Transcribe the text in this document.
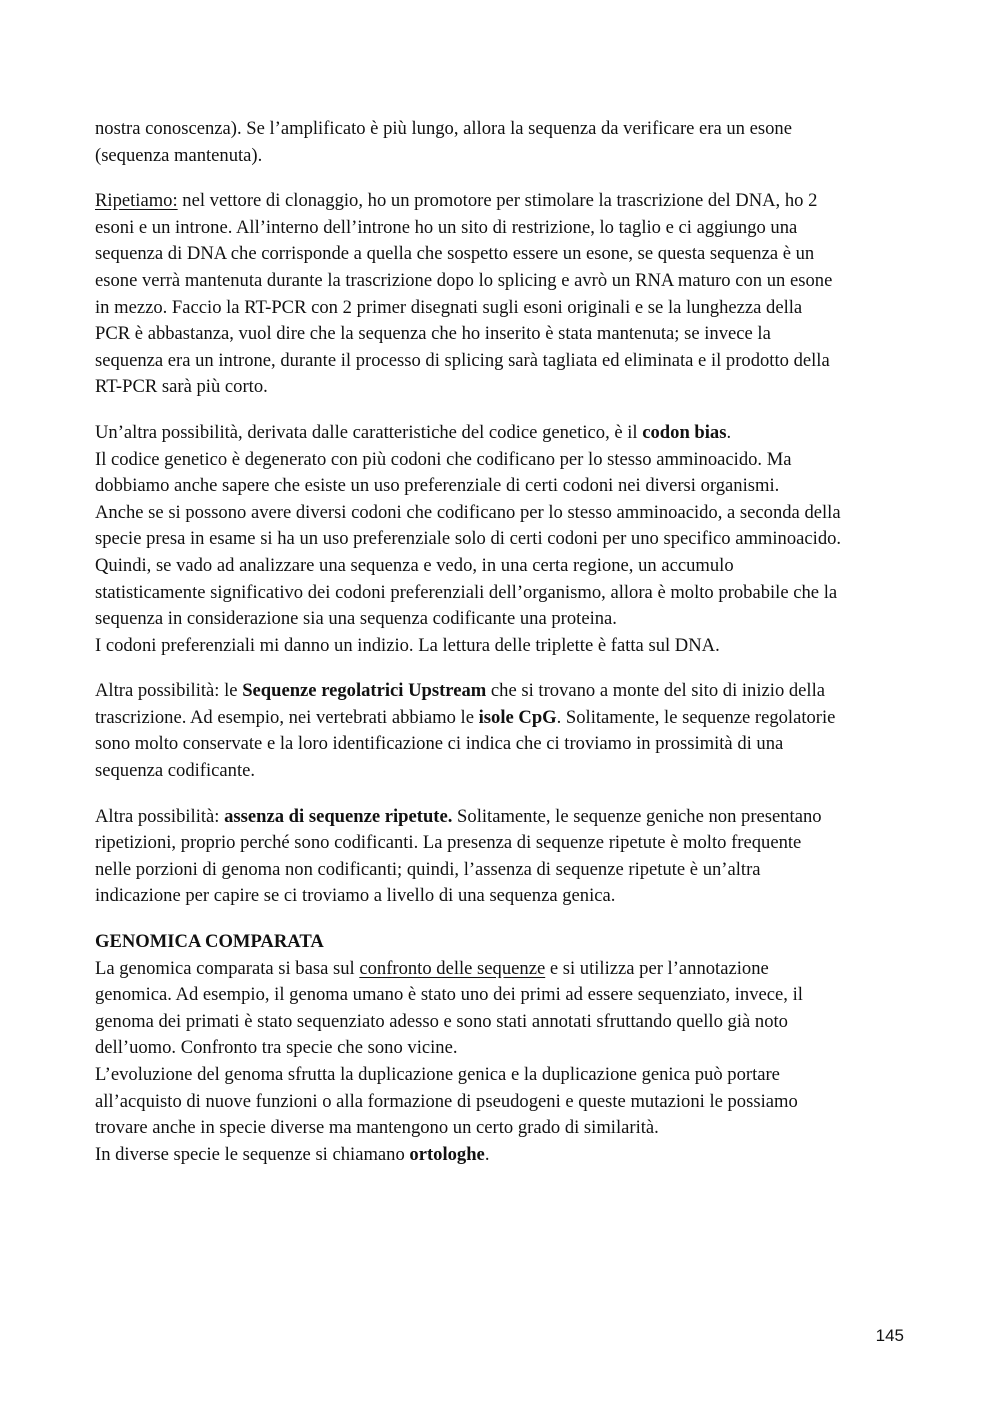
nostra conoscenza). Se l’amplificato è più lungo, allora la sequenza da verificare era un esone
(sequenza mantenuta).

Ripetiamo: nel vettore di clonaggio, ho un promotore per stimolare la trascrizione del DNA, ho 2
esoni e un introne. All’interno dell’introne ho un sito di restrizione, lo taglio e ci aggiungo una
sequenza di DNA che corrisponde a quella che sospetto essere un esone, se questa sequenza è un
esone verrà mantenuta durante la trascrizione dopo lo splicing e avrò un RNA maturo con un esone
in mezzo. Faccio la RT-PCR con 2 primer disegnati sugli esoni originali e se la lunghezza della
PCR è abbastanza, vuol dire che la sequenza che ho inserito è stata mantenuta; se invece la
sequenza era un introne, durante il processo di splicing sarà tagliata ed eliminata e il prodotto della
RT-PCR sarà più corto.

Un’altra possibilità, derivata dalle caratteristiche del codice genetico, è il codon bias.
Il codice genetico è degenerato con più codoni che codificano per lo stesso amminoacido. Ma
dobbiamo anche sapere che esiste un uso preferenziale di certi codoni nei diversi organismi.
Anche se si possono avere diversi codoni che codificano per lo stesso amminoacido, a seconda della
specie presa in esame si ha un uso preferenziale solo di certi codoni per uno specifico amminoacido.
Quindi, se vado ad analizzare una sequenza e vedo, in una certa regione, un accumulo
statisticamente significativo dei codoni preferenziali dell’organismo, allora è molto probabile che la
sequenza in considerazione sia una sequenza codificante una proteina.
I codoni preferenziali mi danno un indizio. La lettura delle triplette è fatta sul DNA.

Altra possibilità: le Sequenze regolatrici Upstream che si trovano a monte del sito di inizio della
trascrizione. Ad esempio, nei vertebrati abbiamo le isole CpG. Solitamente, le sequenze regolatorie
sono molto conservate e la loro identificazione ci indica che ci troviamo in prossimità di una
sequenza codificante.

Altra possibilità: assenza di sequenze ripetute. Solitamente, le sequenze geniche non presentano
ripetizioni, proprio perché sono codificanti. La presenza di sequenze ripetute è molto frequente
nelle porzioni di genoma non codificanti; quindi, l’assenza di sequenze ripetute è un’altra
indicazione per capire se ci troviamo a livello di una sequenza genica.

GENOMICA COMPARATA
La genomica comparata si basa sul confronto delle sequenze e si utilizza per l’annotazione
genomica. Ad esempio, il genoma umano è stato uno dei primi ad essere sequenziato, invece, il
genoma dei primati è stato sequenziato adesso e sono stati annotati sfruttando quello già noto
dell’uomo. Confronto tra specie che sono vicine.
L’evoluzione del genoma sfrutta la duplicazione genica e la duplicazione genica può portare
all’acquisto di nuove funzioni o alla formazione di pseudogeni e queste mutazioni le possiamo
trovare anche in specie diverse ma mantengono un certo grado di similarità.
In diverse specie le sequenze si chiamano ortologhe.

145
